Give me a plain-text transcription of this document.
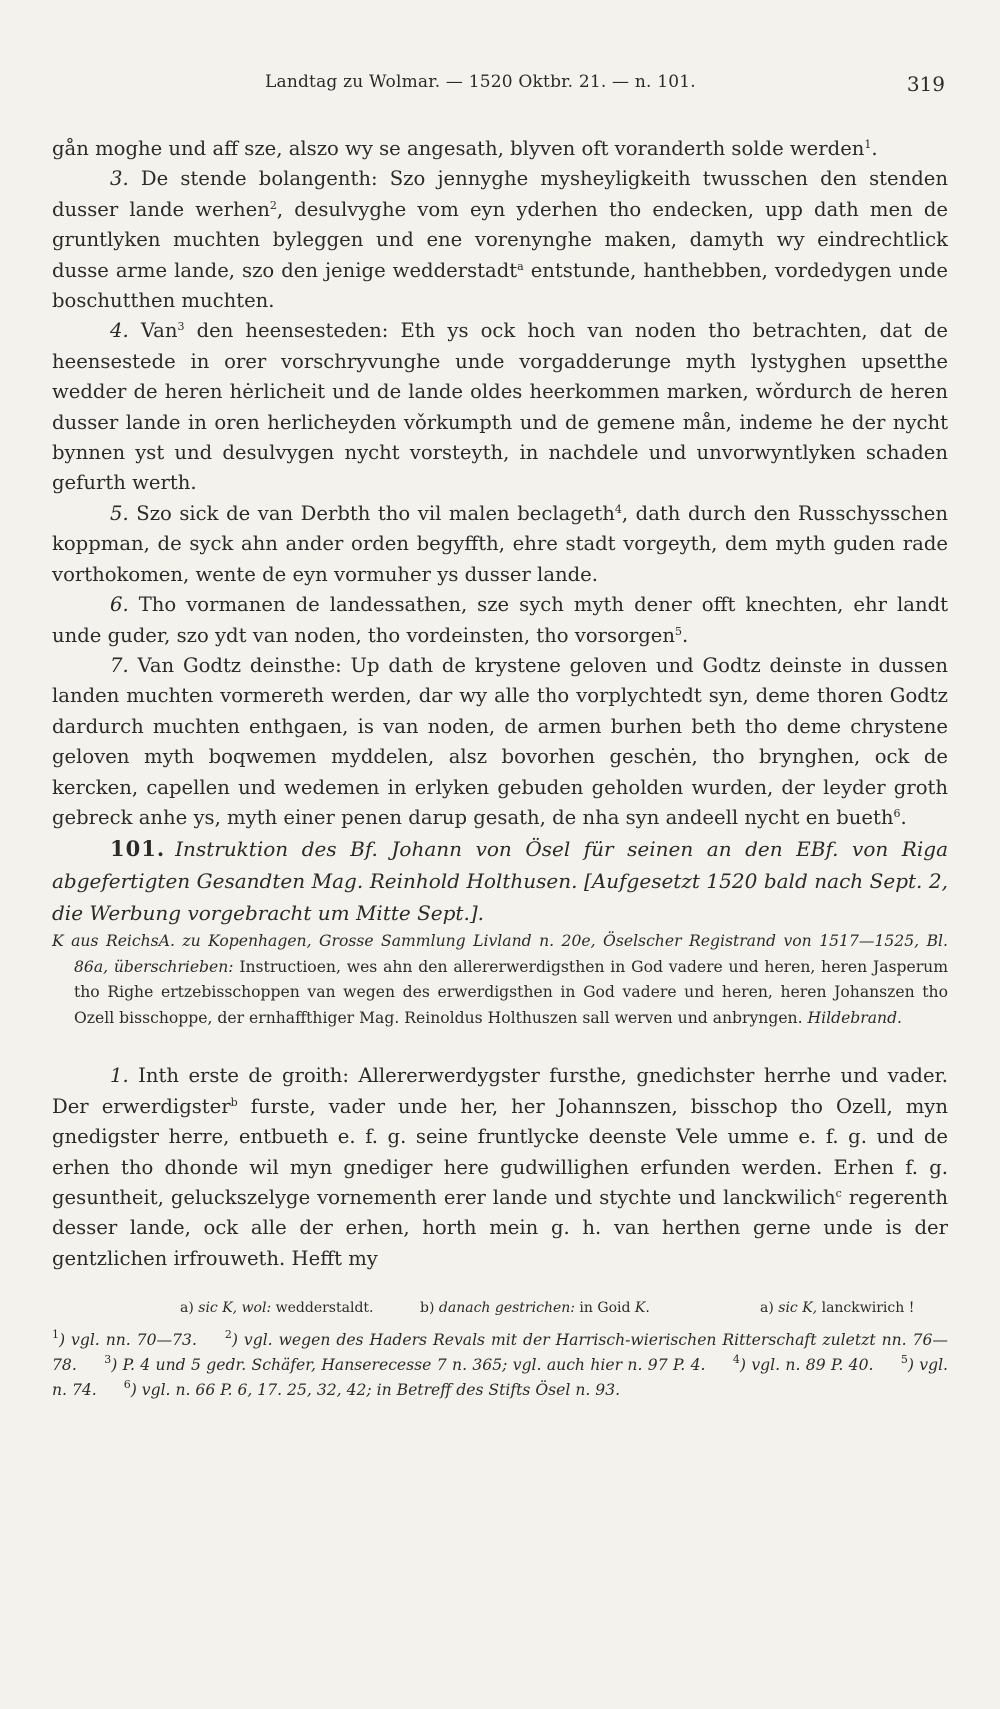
Landtag zu Wolmar. — 1520 Oktbr. 21. — n. 101.	319

gån moghe und aff sze, alszo wy se angesath, blyven oft voranderth solde werden$^1$.

3. De stende bolangenth: Szo jennyghe mysheyligkeith twusschen den stenden dusser lande werhen$^2$, desulvyghe vom eyn yderhen tho endecken, upp dath men de gruntlyken muchten byleggen und ene vorenynghe maken, damyth wy eindrechtlick dusse arme lande, szo den jenige wedderstadt$^a$ entstunde, hanthebben, vordedygen unde boschutthen muchten.

4. Van$^3$ den heensesteden: Eth ys ock hoch van noden tho betrachten, dat de heensestede in orer vorschryvunghe unde vorgadderunge myth lystyghen upsetthe wedder de heren hėrlicheit und de lande oldes heerkommen marken, wǒrdurch de heren dusser lande in oren herlicheyden vǒrkumpth und de gemene mån, indeme he der nycht bynnen yst und desulvygen nycht vorsteyth, in nachdele und unvorwyntlyken schaden gefurth werth.

5. Szo sick de van Derbth tho vil malen beclageth$^4$, dath durch den Russchysschen koppman, de syck ahn ander orden begyffth, ehre stadt vorgeyth, dem myth guden rade vorthokomen, wente de eyn vormuher ys dusser lande.

6. Tho vormanen de landessathen, sze sych myth dener offt knechten, ehr landt unde guder, szo ydt van noden, tho vordeinsten, tho vorsorgen$^5$.

7. Van Godtz deinsthe: Up dath de krystene geloven und Godtz deinste in dussen landen muchten vormereth werden, dar wy alle tho vorplychtedt syn, deme thoren Godtz dardurch muchten enthgaen, is van noden, de armen burhen beth tho deme chrystene geloven myth boqwemen myddelen, alsz bovorhen geschėn, tho brynghen, ock de kercken, capellen und wedemen in erlyken gebuden geholden wurden, der leyder groth gebreck anhe ys, myth einer penen darup gesath, de nha syn andeell nycht en bueth$^6$.

101. Instruktion des Bf. Johann von Ösel für seinen an den EBf. von Riga abgefertigten Gesandten Mag. Reinhold Holthusen. [Aufgesetzt 1520 bald nach Sept. 2, die Werbung vorgebracht um Mitte Sept.].

K aus ReichsA. zu Kopenhagen, Grosse Sammlung Livland n. 20e, Öselscher Registrand von 1517—1525, Bl. 86a, überschrieben: Instructioen, wes ahn den allererwerdigsthen in God vadere und heren, heren Jasperum tho Righe ertzebisschoppen van wegen des erwerdigsthen in God vadere und heren, heren Johanszen tho Ozell bisschoppe, der ernhaffthiger Mag. Reinoldus Holthuszen sall werven und anbryngen. Hildebrand.

1. Inth erste de groith: Allererwerdygster fursthe, gnedichster herrhe und vader. Der erwerdigster$^b$ furste, vader unde her, her Johannszen, bisschop tho Ozell, myn gnedigster herre, entbueth e. f. g. seine fruntlycke deenste Vele umme e. f. g. und de erhen tho dhonde wil myn gnediger here gudwillighen erfunden werden. Erhen f. g. gesuntheit, geluckszelyge vornementh erer lande und stychte und lanckwilich$^c$ regerenth desser lande, ock alle der erhen, horth mein g. h. van herthen gerne unde is der gentzlichen irfrouweth. Hefft my

a) sic K, wol: wedderstaldt.	b) danach gestrichen: in Goid K.	a) sic K, lanckwirich !
$^1$) vgl. nn. 70—73.	$^2$) vgl. wegen des Haders Revals mit der Harrisch-wierischen Ritterschaft zuletzt nn. 76—78. $^3$) P. 4 und 5 gedr. Schäfer, Hanserecesse 7 n. 365; vgl. auch hier n. 97 P. 4. $^4$) vgl. n. 89 P. 40. $^5$) vgl. n. 74. $^6$) vgl. n. 66 P. 6, 17. 25, 32, 42; in Betreff des Stifts Ösel n. 93.
